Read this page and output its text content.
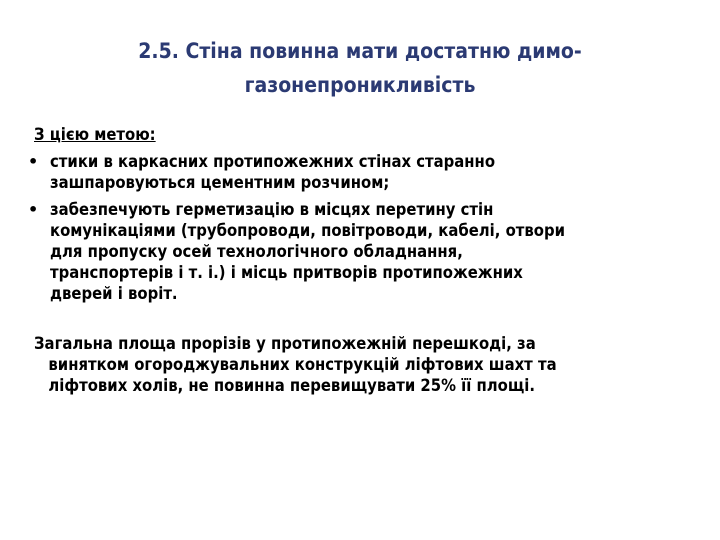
2.5. Стіна повинна мати достатню димо-
газонепроникливість
З цією метою:
• стики в каркасних протипожежних стінах старанно
зашпаровуються цементним розчином;
• забезпечують герметизацію в місцях перетину стін
комунікаціями (трубопроводи, повітроводи, кабелі, отвори
для пропуску осей технологічного обладнання,
транспортерів і т. і.) і місць притворів протипожежних
дверей і воріт.
Загальна площа прорізів у протипожежній перешкоді, за
винятком огороджувальних конструкцій ліфтових шахт та
ліфтових холів, не повинна перевищувати 25% її площі.
